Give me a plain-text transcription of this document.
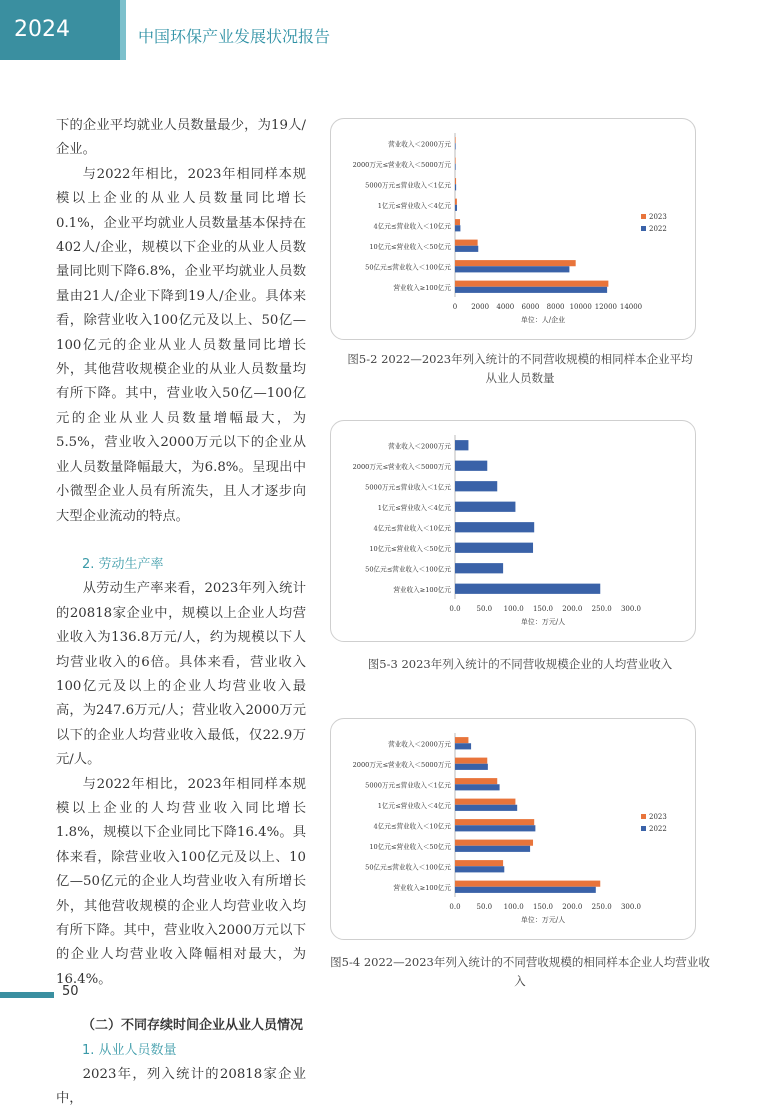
2024	中国环保产业发展状况报告

下的企业平均就业人员数量最少，为19人/企业。

与2022年相比，2023年相同样本规模以上企业的从业人员数量同比增长0.1%，企业平均就业人员数量基本保持在402人/企业，规模以下企业的从业人员数量同比则下降6.8%，企业平均就业人员数量由21人/企业下降到19人/企业。具体来看，除营业收入100亿元及以上、50亿—100亿元的企业从业人员数量同比增长外，其他营收规模企业的从业人员数量均有所下降。其中，营业收入50亿—100亿元的企业从业人员数量增幅最大，为5.5%，营业收入2000万元以下的企业从业人员数量降幅最大，为6.8%。呈现出中小微型企业人员有所流失，且人才逐步向大型企业流动的特点。

2. 劳动生产率

从劳动生产率来看，2023年列入统计的20818家企业中，规模以上企业人均营业收入为136.8万元/人，约为规模以下人均营业收入的6倍。具体来看，营业收入100亿元及以上的企业人均营业收入最高，为247.6万元/人；营业收入2000万元以下的企业人均营业收入最低，仅22.9万元/人。

与2022年相比，2023年相同样本规模以上企业的人均营业收入同比增长1.8%，规模以下企业同比下降16.4%。具体来看，除营业收入100亿元及以上、10亿—50亿元的企业人均营业收入有所增长外，其他营收规模的企业人均营业收入均有所下降。其中，营业收入2000万元以下的企业人均营业收入降幅相对最大，为16.4%。

（二）不同存续时间企业从业人员情况

1. 从业人员数量

2023年，列入统计的20818家企业中，

营业收入＜2000万元
2000万元≤营业收入＜5000万元
5000万元≤营业收入＜1亿元
1亿元≤营业收入＜4亿元
4亿元≤营业收入＜10亿元
10亿元≤营业收入＜50亿元
50亿元≤营业收入＜100亿元
营业收入≥100亿元
0 2000 4000 6000 8000 10000 12000 14000
单位：人/企业
2023
2022
图5-2 2022—2023年列入统计的不同营收规模的相同样本企业平均
从业人员数量
营业收入＜2000万元
2000万元≤营业收入＜5000万元
5000万元≤营业收入＜1亿元
1亿元≤营业收入＜4亿元
4亿元≤营业收入＜10亿元
10亿元≤营业收入＜50亿元
50亿元≤营业收入＜100亿元
营业收入≥100亿元
0.0 50.0 100.0 150.0 200.0 250.0 300.0
单位：万元/人
图5-3 2023年列入统计的不同营收规模企业的人均营业收入
营业收入＜2000万元
2000万元≤营业收入＜5000万元
5000万元≤营业收入＜1亿元
1亿元≤营业收入＜4亿元
4亿元≤营业收入＜10亿元
10亿元≤营业收入＜50亿元
50亿元≤营业收入＜100亿元
营业收入≥100亿元
0.0 50.0 100.0 150.0 200.0 250.0 300.0
单位：万元/人
2023
2022
图5-4 2022—2023年列入统计的不同营收规模的相同样本企业人均营业收入
50
